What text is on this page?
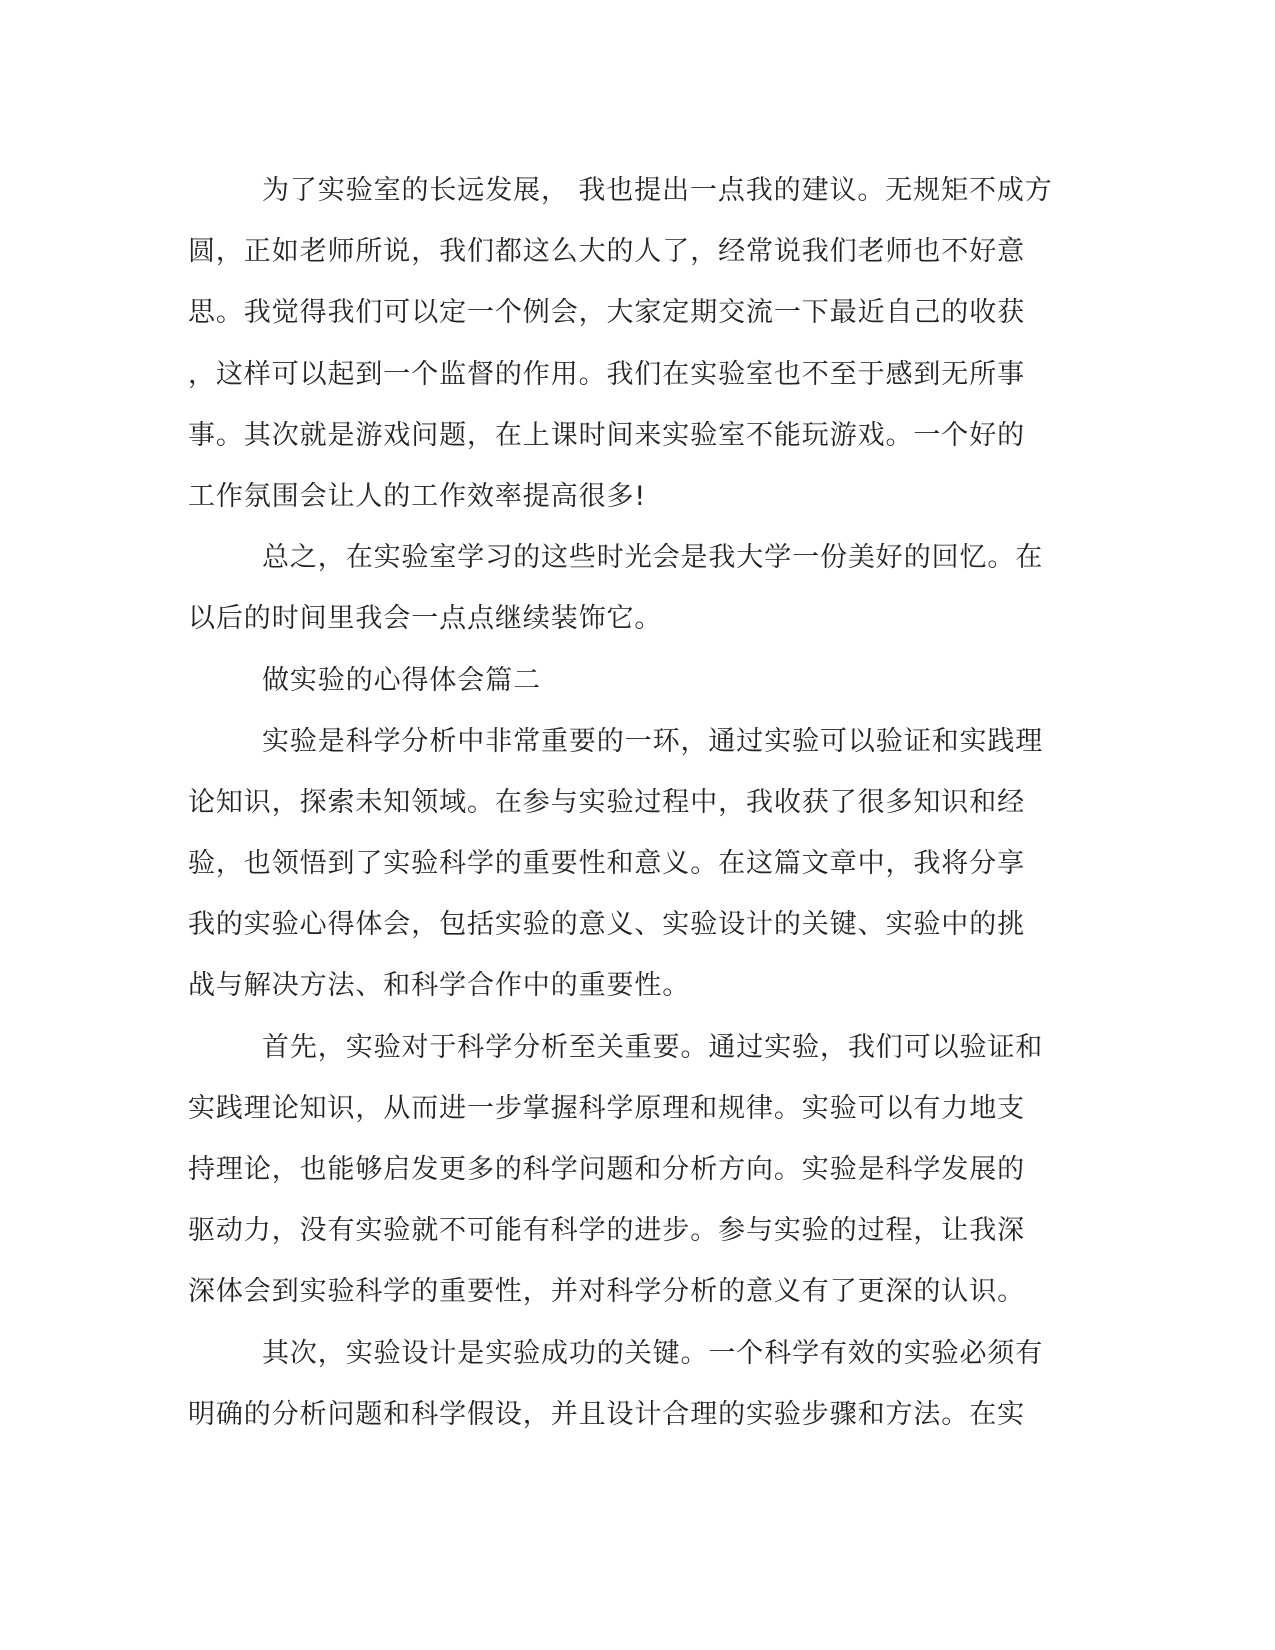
为了实验室的长远发展， 我也提出一点我的建议。无规矩不成方
圆，正如老师所说，我们都这么大的人了，经常说我们老师也不好意
思。我觉得我们可以定一个例会，大家定期交流一下最近自己的收获
，这样可以起到一个监督的作用。我们在实验室也不至于感到无所事
事。其次就是游戏问题，在上课时间来实验室不能玩游戏。一个好的
工作氛围会让人的工作效率提高很多!
总之，在实验室学习的这些时光会是我大学一份美好的回忆。在
以后的时间里我会一点点继续装饰它。
做实验的心得体会篇二
实验是科学分析中非常重要的一环，通过实验可以验证和实践理
论知识，探索未知领域。在参与实验过程中，我收获了很多知识和经
验，也领悟到了实验科学的重要性和意义。在这篇文章中，我将分享
我的实验心得体会，包括实验的意义、实验设计的关键、实验中的挑
战与解决方法、和科学合作中的重要性。
首先，实验对于科学分析至关重要。通过实验，我们可以验证和
实践理论知识，从而进一步掌握科学原理和规律。实验可以有力地支
持理论，也能够启发更多的科学问题和分析方向。实验是科学发展的
驱动力，没有实验就不可能有科学的进步。参与实验的过程，让我深
深体会到实验科学的重要性，并对科学分析的意义有了更深的认识。
其次，实验设计是实验成功的关键。一个科学有效的实验必须有
明确的分析问题和科学假设，并且设计合理的实验步骤和方法。在实
